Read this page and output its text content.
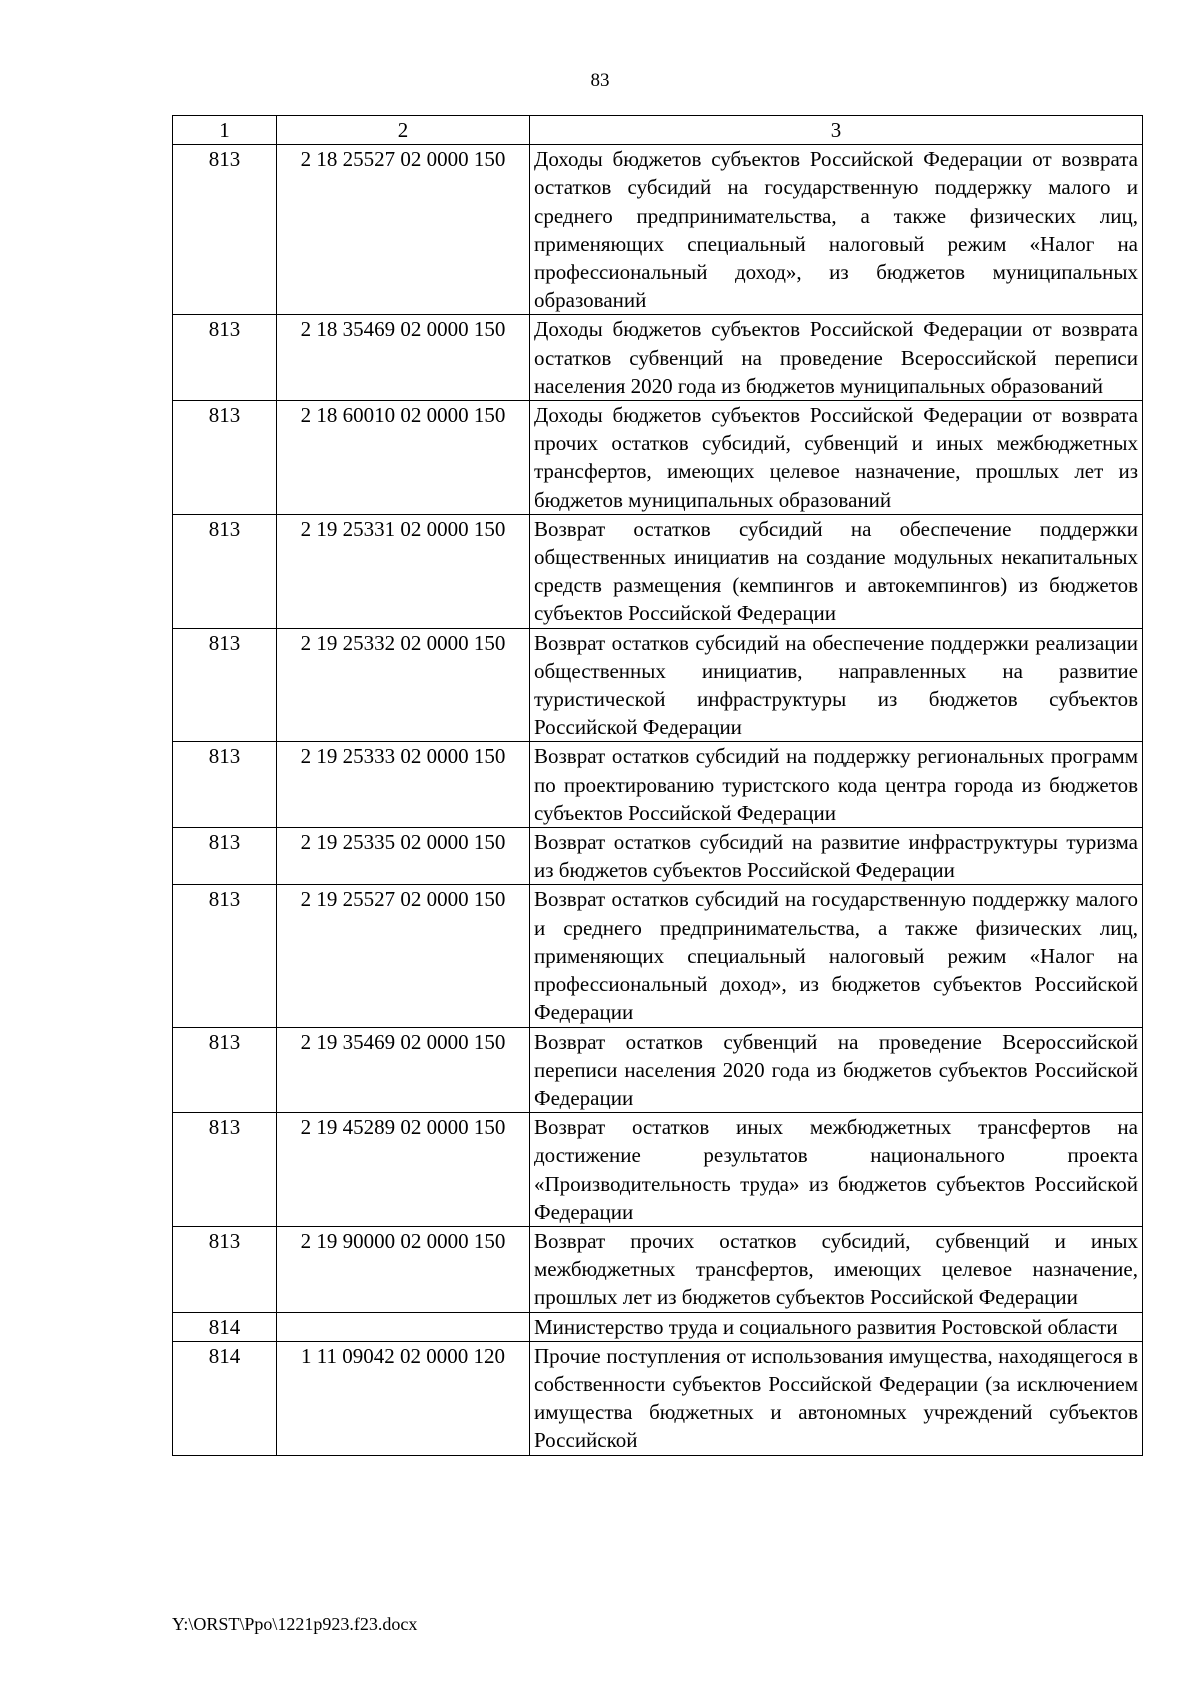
83
1	2	3
813	2 18 25527 02 0000 150	Доходы бюджетов субъектов Российской Федерации от возврата остатков субсидий на государственную поддержку малого и среднего предпринимательства, а также физических лиц, применяющих специальный налоговый режим «Налог на профессиональный доход», из бюджетов муниципальных образований
813	2 18 35469 02 0000 150	Доходы бюджетов субъектов Российской Федерации от возврата остатков субвенций на проведение Всероссийской переписи населения 2020 года из бюджетов муниципальных образований
813	2 18 60010 02 0000 150	Доходы бюджетов субъектов Российской Федерации от возврата прочих остатков субсидий, субвенций и иных межбюджетных трансфертов, имеющих целевое назначение, прошлых лет из бюджетов муниципальных образований
813	2 19 25331 02 0000 150	Возврат остатков субсидий на обеспечение поддержки общественных инициатив на создание модульных некапитальных средств размещения (кемпингов и автокемпингов) из бюджетов субъектов Российской Федерации
813	2 19 25332 02 0000 150	Возврат остатков субсидий на обеспечение поддержки реализации общественных инициатив, направленных на развитие туристической инфраструктуры из бюджетов субъектов Российской Федерации
813	2 19 25333 02 0000 150	Возврат остатков субсидий на поддержку региональных программ по проектированию туристского кода центра города из бюджетов субъектов Российской Федерации
813	2 19 25335 02 0000 150	Возврат остатков субсидий на развитие инфраструктуры туризма из бюджетов субъектов Российской Федерации
813	2 19 25527 02 0000 150	Возврат остатков субсидий на государственную поддержку малого и среднего предпринимательства, а также физических лиц, применяющих специальный налоговый режим «Налог на профессиональный доход», из бюджетов субъектов Российской Федерации
813	2 19 35469 02 0000 150	Возврат остатков субвенций на проведение Всероссийской переписи населения 2020 года из бюджетов субъектов Российской Федерации
813	2 19 45289 02 0000 150	Возврат остатков иных межбюджетных трансфертов на достижение результатов национального проекта «Производительность труда» из бюджетов субъектов Российской Федерации
813	2 19 90000 02 0000 150	Возврат прочих остатков субсидий, субвенций и иных межбюджетных трансфертов, имеющих целевое назначение, прошлых лет из бюджетов субъектов Российской Федерации
814		Министерство труда и социального развития Ростовской области
814	1 11 09042 02 0000 120	Прочие поступления от использования имущества, находящегося в собственности субъектов Российской Федерации (за исключением имущества бюджетных и автономных учреждений субъектов Российской
Y:\ORST\Ppo\1221p923.f23.docx
